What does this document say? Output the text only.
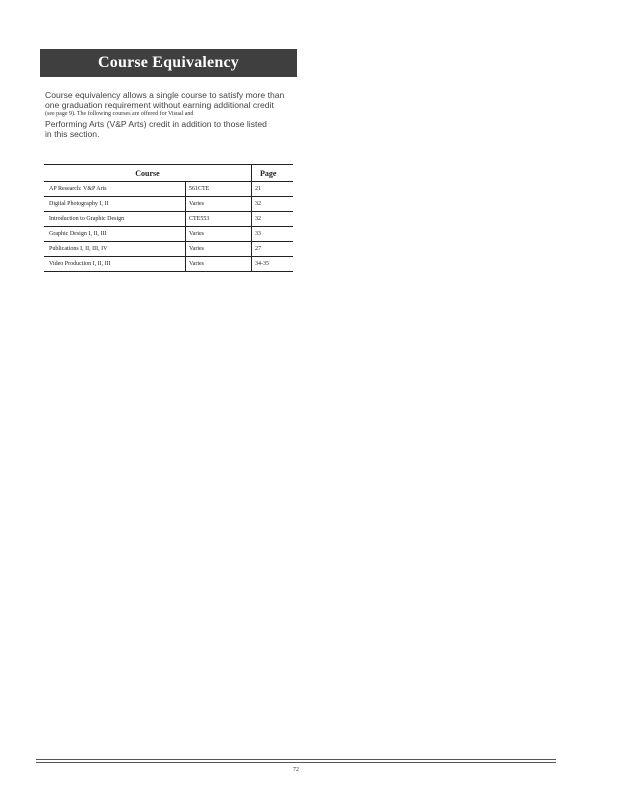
Course Equivalency
Course equivalency allows a single course to satisfy more than
one graduation requirement without earning additional credit
(see page 9). The following courses are offered for Visual and
Performing Arts (V&P Arts) credit in addition to those listed
in this section.
Course		Page
AP Research: V&P Arts	561CTE	21
Digital Photography I, II	Varies	32
Introduction to Graphic Design	CTE553	32
Graphic Design I, II, III	Varies	33
Publications I, II, III, IV	Varies	27
Video Production I, II, III	Varies	34-35
72
